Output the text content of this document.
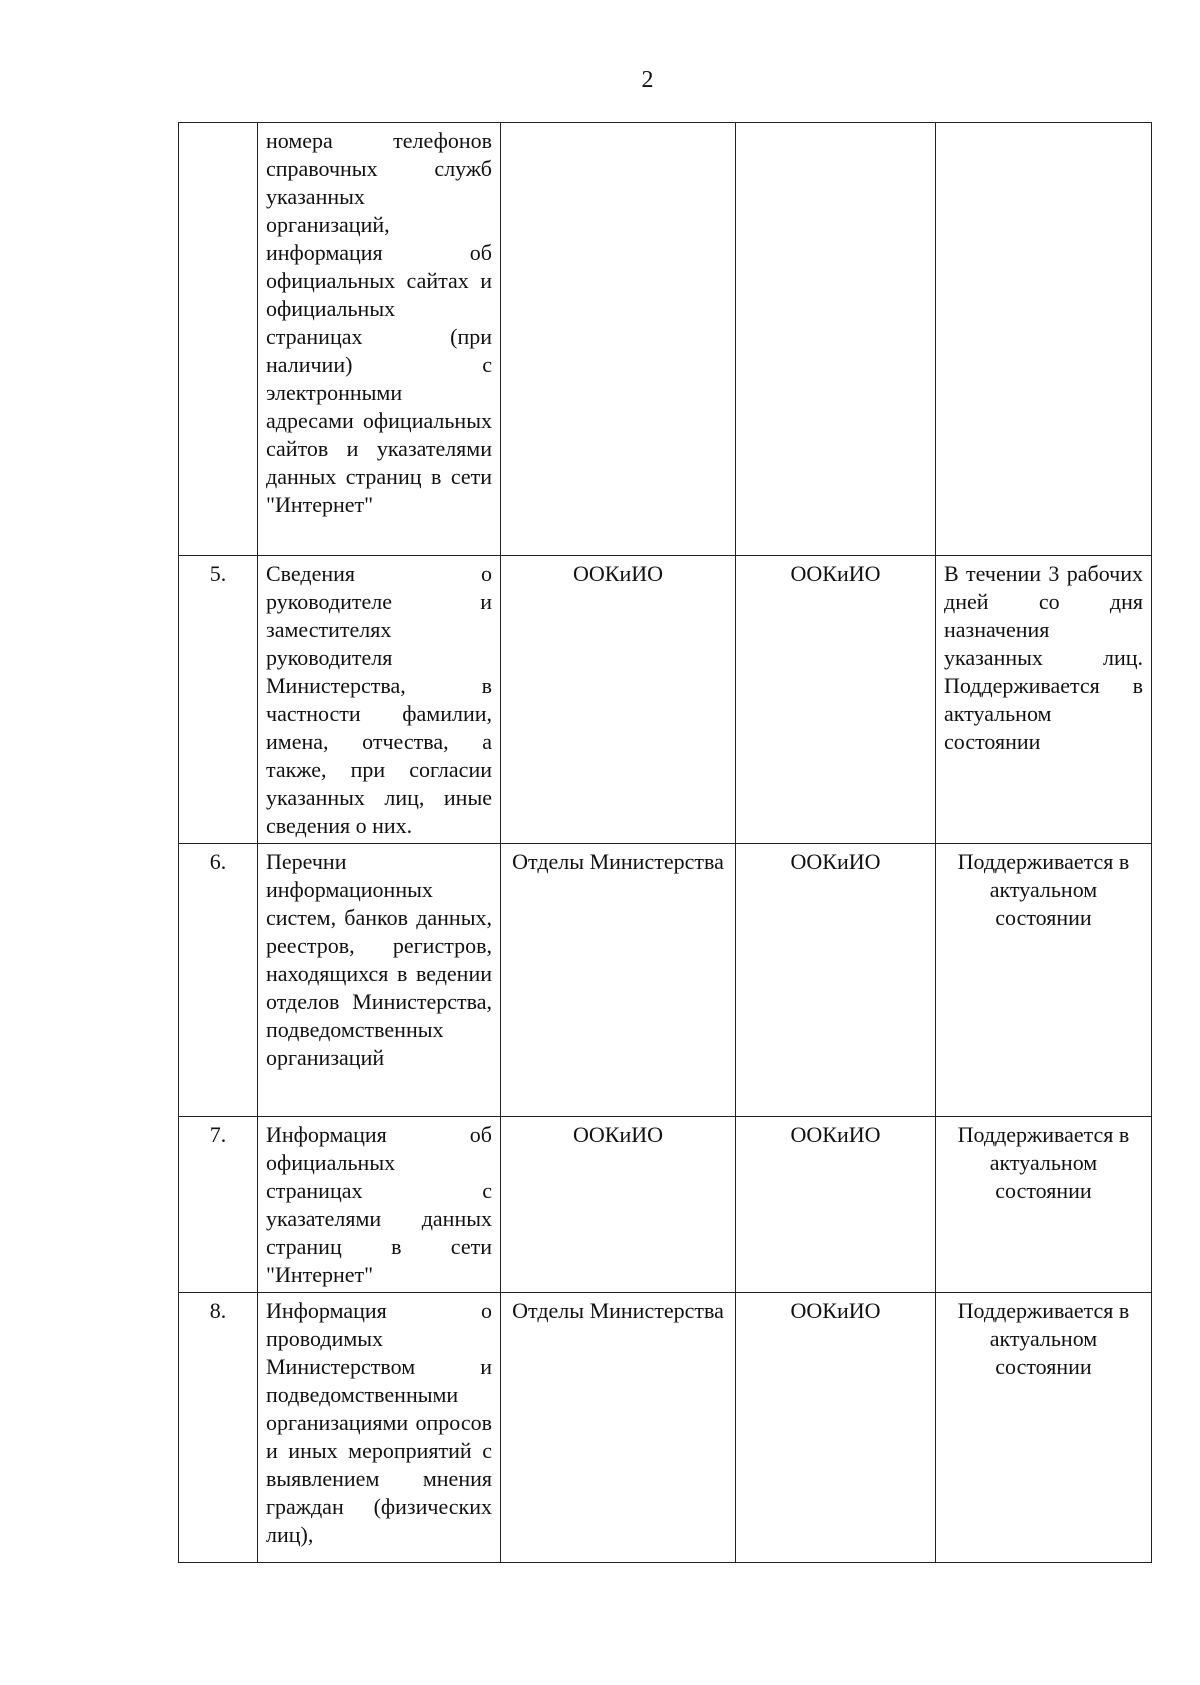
2
	номера телефонов справочных служб указанных организаций, информация об официальных сайтах и официальных страницах (при наличии) с электронными адресами официальных сайтов и указателями данных страниц в сети "Интернет"			
5.	Сведения о руководителе и заместителях руководителя Министерства, в частности фамилии, имена, отчества, а также, при согласии указанных лиц, иные сведения о них.	ООКиИО	ООКиИО	В течении 3 рабочих дней со дня назначения указанных лиц. Поддерживается в актуальном состоянии
6.	Перечни информационных систем, банков данных, реестров, регистров, находящихся в ведении отделов Министерства, подведомственных организаций	Отделы Министерства	ООКиИО	Поддерживается в актуальном состоянии
7.	Информация об официальных страницах с указателями данных страниц в сети "Интернет"	ООКиИО	ООКиИО	Поддерживается в актуальном состоянии
8.	Информация о проводимых Министерством и подведомственными организациями опросов и иных мероприятий с выявлением мнения граждан (физических лиц),	Отделы Министерства	ООКиИО	Поддерживается в актуальном состоянии
